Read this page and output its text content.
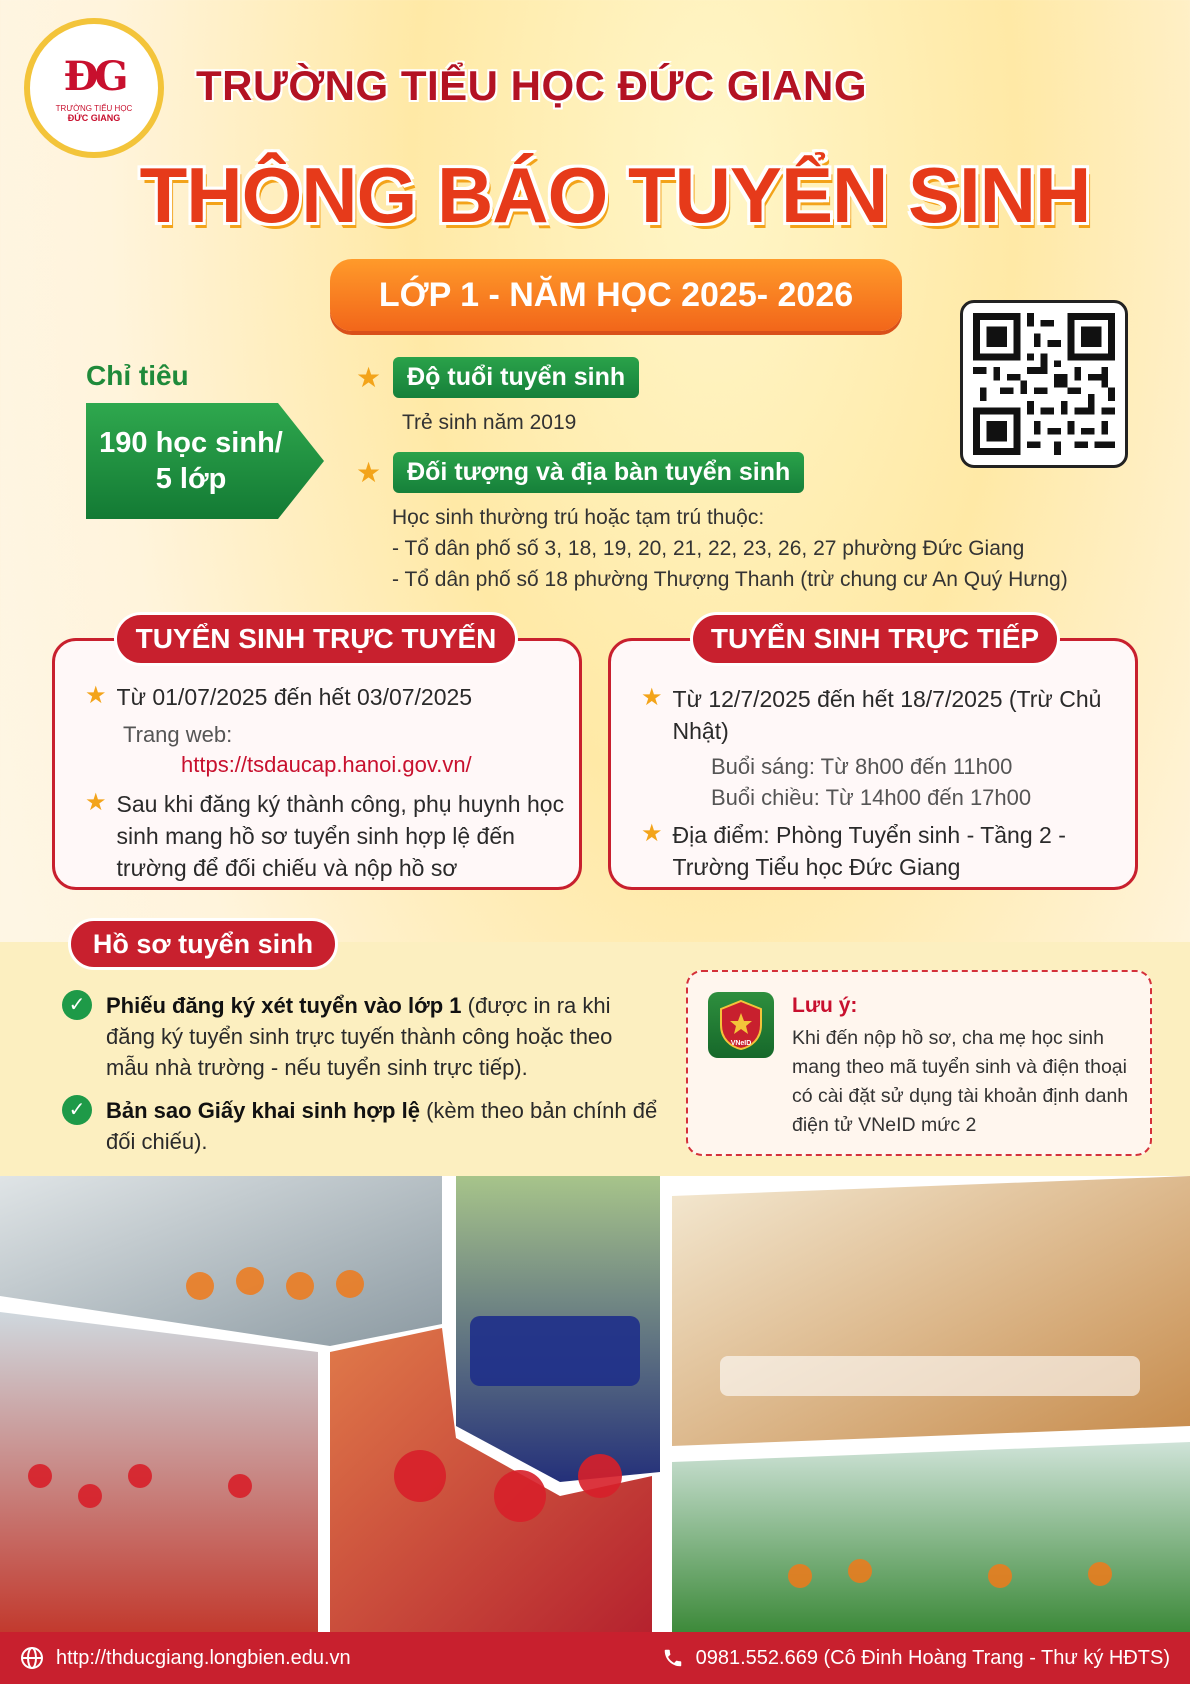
ĐG
TRƯỜNG TIỂU HỌC
ĐỨC GIANG
TRƯỜNG TIỂU HỌC ĐỨC GIANG
THÔNG BÁO TUYỂN SINH
LỚP 1 - NĂM HỌC 2025- 2026
Chỉ tiêu
190 học sinh/
5 lớp
★	Độ tuổi tuyển sinh
Trẻ sinh năm 2019
★	Đối tượng và địa bàn tuyển sinh
Học sinh thường trú hoặc tạm trú thuộc:
- Tổ dân phố số 3, 18, 19, 20, 21, 22, 23, 26, 27 phường Đức Giang
- Tổ dân phố số 18 phường Thượng Thanh (trừ chung cư An Quý Hưng)
★ Từ 01/07/2025 đến hết 03/07/2025
Trang web:
https://tsdaucap.hanoi.gov.vn/
★ Sau khi đăng ký thành công, phụ huynh học sinh mang hồ sơ tuyển sinh hợp lệ đến trường để đối chiếu và nộp hồ sơ
TUYỂN SINH TRỰC TUYẾN
★ Từ 12/7/2025 đến hết 18/7/2025 (Trừ Chủ Nhật)
Buổi sáng: Từ 8h00 đến 11h00
Buổi chiều: Từ 14h00 đến 17h00
★ Địa điểm: Phòng Tuyển sinh - Tầng 2 - Trường Tiểu học Đức Giang
TUYỂN SINH TRỰC TIẾP
Hồ sơ tuyển sinh
✓ Phiếu đăng ký xét tuyển vào lớp 1 (được in ra khi đăng ký tuyển sinh trực tuyến thành công hoặc theo mẫu nhà trường - nếu tuyển sinh trực tiếp).
✓ Bản sao Giấy khai sinh hợp lệ (kèm theo bản chính để đối chiếu).
VNeID
Lưu ý:
Khi đến nộp hồ sơ, cha mẹ học sinh mang theo mã tuyển sinh và điện thoại có cài đặt sử dụng tài khoản định danh điện tử VNeID mức 2
http://thducgiang.longbien.edu.vn	0981.552.669 (Cô Đinh Hoàng Trang - Thư ký HĐTS)
